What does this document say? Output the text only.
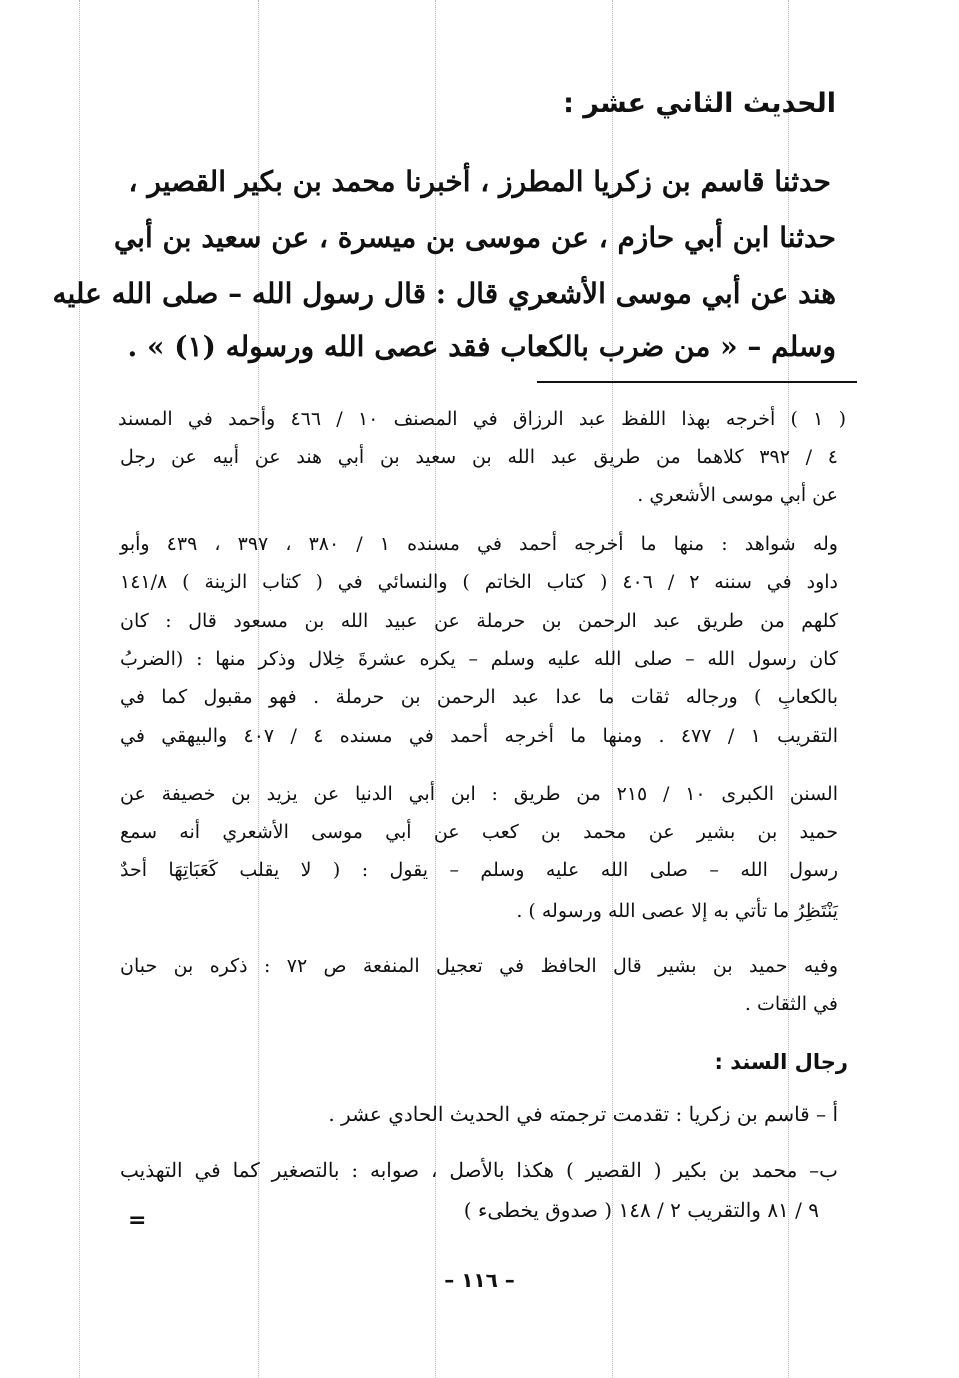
الحديث الثاني عشر :
حدثنا قاسم بن زكريا المطرز ، أخبرنا محمد بن بكير القصير ،
حدثنا ابن أبي حازم ، عن موسى بن ميسرة ، عن سعيد بن أبي
هند عن أبي موسى الأشعري قال : قال رسول الله – صلى الله عليه
وسلم – « من ضرب بالكعاب فقد عصى الله ورسوله (١) » .
( ١ ) أخرجه بهذا اللفظ عبد الرزاق في المصنف ١٠ / ٤٦٦ وأحمد في المسند
٤ / ٣٩٢ كلاهما من طريق عبد الله بن سعيد بن أبي هند عن أبيه عن رجل
عن أبي موسى الأشعري .
وله شواهد : منها ما أخرجه أحمد في مسنده ١ / ٣٨٠ ، ٣٩٧ ، ٤٣٩ وأبو
داود في سننه ٢ / ٤٠٦ ( كتاب الخاتم ) والنسائي في ( كتاب الزينة ) ١٤١/٨
كلهم من طريق عبد الرحمن بن حرملة عن عبيد الله بن مسعود قال : كان
كان رسول الله – صلى الله عليه وسلم – يكره عشرةَ خِلال وذكر منها : (الضربُ
بالكعابِ ) ورجاله ثقات ما عدا عبد الرحمن بن حرملة . فهو مقبول كما في
التقريب ١ / ٤٧٧ . ومنها ما أخرجه أحمد في مسنده ٤ / ٤٠٧ والبيهقي في
السنن الكبرى ١٠ / ٢١٥ من طريق : ابن أبي الدنيا عن يزيد بن خصيفة عن
حميد بن بشير عن محمد بن كعب عن أبي موسى الأشعري أنه سمع
رسول الله – صلى الله عليه وسلم – يقول : ( لا يقلب كَعَبَاتِهَا أحدٌ
يَنْتَظِرُ ما تأتي به إلا عصى الله ورسوله ) .
وفيه حميد بن بشير قال الحافظ في تعجيل المنفعة ص ٧٢ : ذكره بن حبان
في الثقات .
رجال السند :
أ – قاسم بن زكريا : تقدمت ترجمته في الحديث الحادي عشر .
ب– محمد بن بكير ( القصير ) هكذا بالأصل ، صوابه : بالتصغير كما في التهذيب
٩ / ٨١ والتقريب ٢ / ١٤٨ ( صدوق يخطىء )
=
– ١١٦ –
